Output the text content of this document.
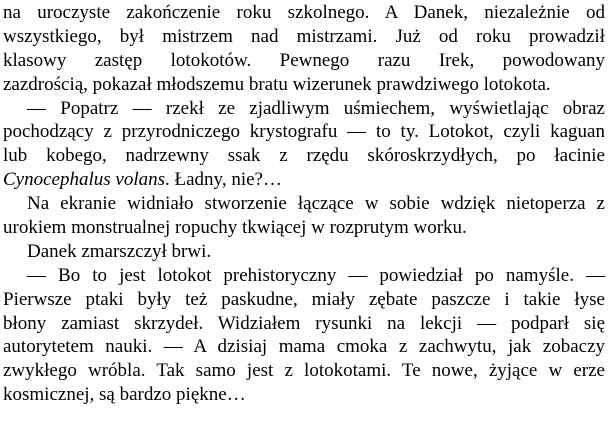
na uroczyste zakończenie roku szkolnego. A Danek, niezależnie od
wszystkiego, był mistrzem nad mistrzami. Już od roku prowadził
klasowy zastęp lotokotów. Pewnego razu Irek, powodowany
zazdrością, pokazał młodszemu bratu wizerunek prawdziwego lotokota.
— Popatrz — rzekł ze zjadliwym uśmiechem, wyświetlając obraz
pochodzący z przyrodniczego krystografu — to ty. Lotokot, czyli kaguan
lub kobego, nadrzewny ssak z rzędu skóroskrzydłych, po łacinie
Cynocephalus volans. Ładny, nie?…
Na ekranie widniało stworzenie łączące w sobie wdzięk nietoperza z
urokiem monstrualnej ropuchy tkwiącej w rozprutym worku.
Danek zmarszczył brwi.
— Bo to jest lotokot prehistoryczny — powiedział po namyśle. —
Pierwsze ptaki były też paskudne, miały zębate paszcze i takie łyse
błony zamiast skrzydeł. Widziałem rysunki na lekcji — podparł się
autorytetem nauki. — A dzisiaj mama cmoka z zachwytu, jak zobaczy
zwykłego wróbla. Tak samo jest z lotokotami. Te nowe, żyjące w erze
kosmicznej, są bardzo piękne…
